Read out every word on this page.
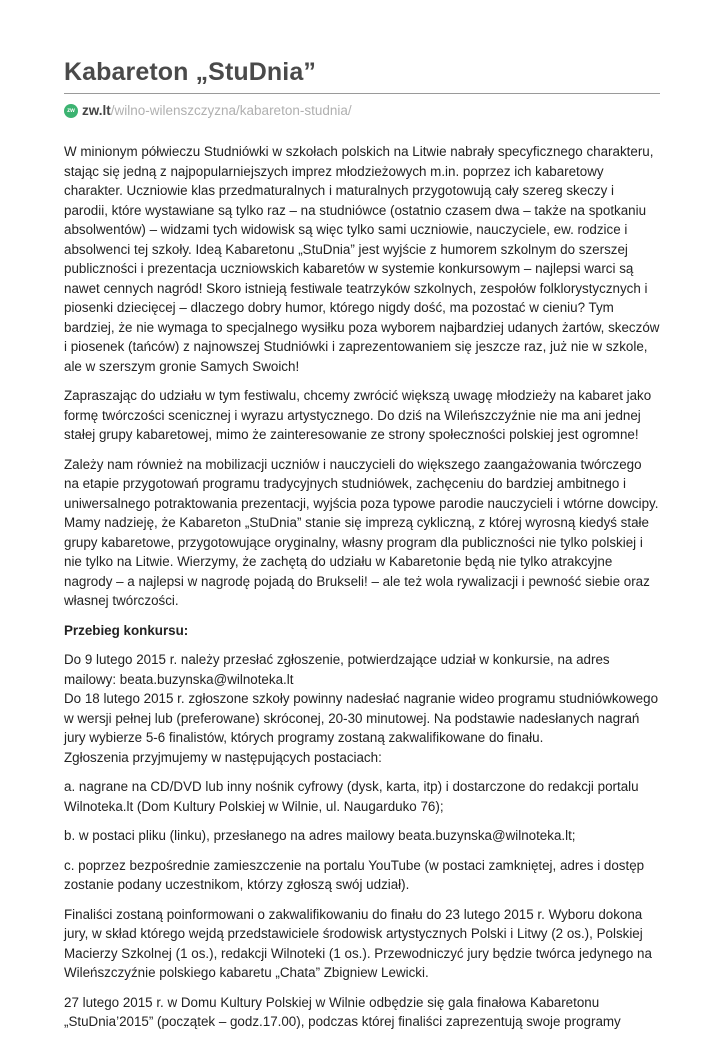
Kabareton „StuDnia”
zw zw.lt /wilno-wilenszczyzna/kabareton-studnia/

W minionym półwieczu Studniówki w szkołach polskich na Litwie nabrały specyficznego charakteru, stając się jedną z najpopularniejszych imprez młodzieżowych m.in. poprzez ich kabaretowy charakter. Uczniowie klas przedmaturalnych i maturalnych przygotowują cały szereg skeczy i parodii, które wystawiane są tylko raz – na studniówce (ostatnio czasem dwa – także na spotkaniu absolwentów) – widzami tych widowisk są więc tylko sami uczniowie, nauczyciele, ew. rodzice i absolwenci tej szkoły. Ideą Kabaretonu „StuDnia” jest wyjście z humorem szkolnym do szerszej publiczności i prezentacja uczniowskich kabaretów w systemie konkursowym – najlepsi warci są nawet cennych nagród! Skoro istnieją festiwale teatrzyków szkolnych, zespołów folklorystycznych i piosenki dziecięcej – dlaczego dobry humor, którego nigdy dość, ma pozostać w cieniu? Tym bardziej, że nie wymaga to specjalnego wysiłku poza wyborem najbardziej udanych żartów, skeczów i piosenek (tańców) z najnowszej Studniówki i zaprezentowaniem się jeszcze raz, już nie w szkole, ale w szerszym gronie Samych Swoich!

Zapraszając do udziału w tym festiwalu, chcemy zwrócić większą uwagę młodzieży na kabaret jako formę twórczości scenicznej i wyrazu artystycznego. Do dziś na Wileńszczyźnie nie ma ani jednej stałej grupy kabaretowej, mimo że zainteresowanie ze strony społeczności polskiej jest ogromne!

Zależy nam również na mobilizacji uczniów i nauczycieli do większego zaangażowania twórczego na etapie przygotowań programu tradycyjnych studniówek, zachęceniu do bardziej ambitnego i uniwersalnego potraktowania prezentacji, wyjścia poza typowe parodie nauczycieli i wtórne dowcipy. Mamy nadzieję, że Kabareton „StuDnia” stanie się imprezą cykliczną, z której wyrosną kiedyś stałe grupy kabaretowe, przygotowujące oryginalny, własny program dla publiczności nie tylko polskiej i nie tylko na Litwie. Wierzymy, że zachętą do udziału w Kabaretonie będą nie tylko atrakcyjne nagrody – a najlepsi w nagrodę pojadą do Brukseli! – ale też wola rywalizacji i pewność siebie oraz własnej twórczości.

Przebieg konkursu:

Do 9 lutego 2015 r. należy przesłać zgłoszenie, potwierdzające udział w konkursie, na adres mailowy: beata.buzynska@wilnoteka.lt

Do 18 lutego 2015 r. zgłoszone szkoły powinny nadesłać nagranie wideo programu studniówkowego w wersji pełnej lub (preferowane) skróconej, 20-30 minutowej. Na podstawie nadesłanych nagrań jury wybierze 5-6 finalistów, których programy zostaną zakwalifikowane do finału.

Zgłoszenia przyjmujemy w następujących postaciach:

a. nagrane na CD/DVD lub inny nośnik cyfrowy (dysk, karta, itp) i dostarczone do redakcji portalu Wilnoteka.lt (Dom Kultury Polskiej w Wilnie, ul. Naugarduko 76);

b. w postaci pliku (linku), przesłanego na adres mailowy beata.buzynska@wilnoteka.lt;

c. poprzez bezpośrednie zamieszczenie na portalu YouTube (w postaci zamkniętej, adres i dostęp zostanie podany uczestnikom, którzy zgłoszą swój udział).

Finaliści zostaną poinformowani o zakwalifikowaniu do finału do 23 lutego 2015 r. Wyboru dokona jury, w skład którego wejdą przedstawiciele środowisk artystycznych Polski i Litwy (2 os.), Polskiej Macierzy Szkolnej (1 os.), redakcji Wilnoteki (1 os.). Przewodniczyć jury będzie twórca jedynego na Wileńszczyźnie polskiego kabaretu „Chata” Zbigniew Lewicki.

27 lutego 2015 r. w Domu Kultury Polskiej w Wilnie odbędzie się gala finałowa Kabaretonu „StuDnia’2015” (początek – godz.17.00), podczas której finaliści zaprezentują swoje programy
